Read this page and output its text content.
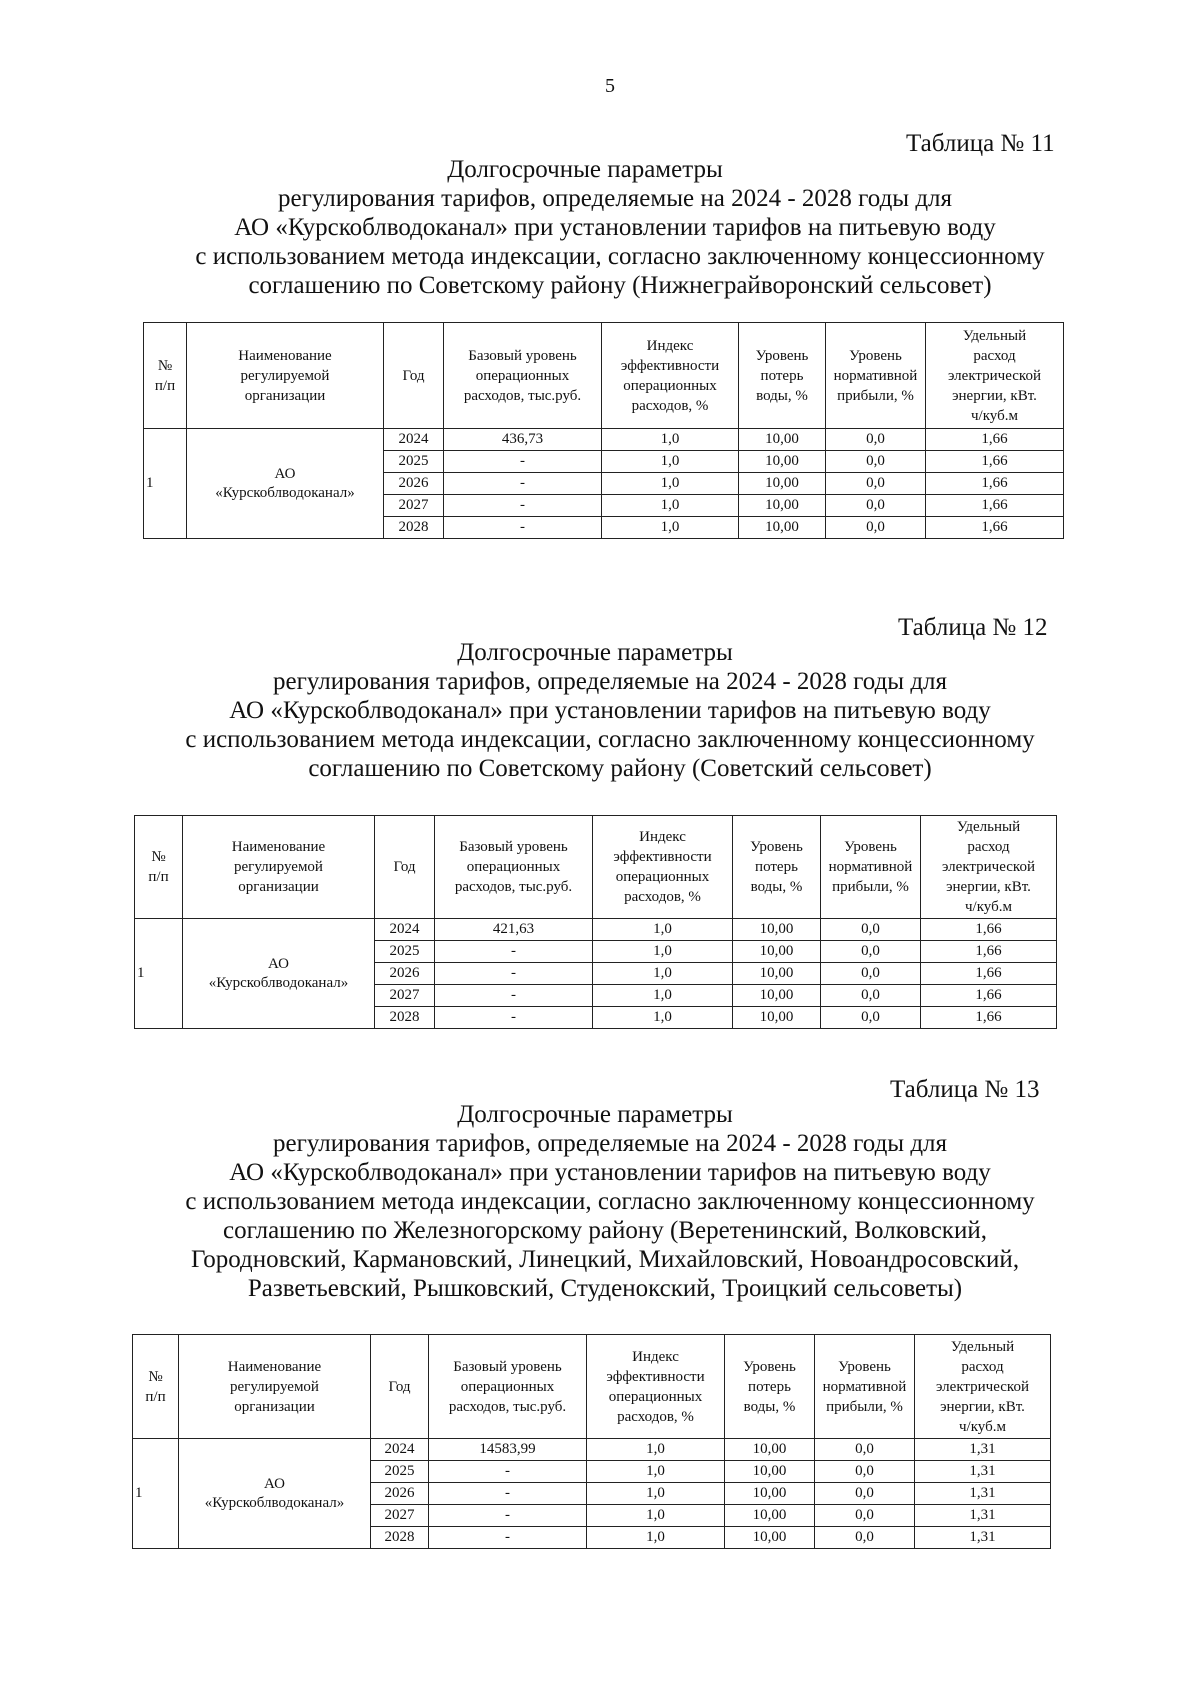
5
Таблица № 11
Долгосрочные параметры
регулирования тарифов, определяемые на 2024 - 2028 годы для
АО «Курскоблводоканал» при установлении тарифов на питьевую воду
с использованием метода индексации, согласно заключенному концессионному
соглашению по Советскому району (Нижнеграйворонский сельсовет)
№
п/п	Наименование
регулируемой
организации	Год	Базовый уровень
операционных
расходов, тыс.руб.	Индекс
эффективности
операционных
расходов, %	Уровень
потерь
воды, %	Уровень
нормативной
прибыли, %	Удельный
расход
электрической
энергии, кВт.
ч/куб.м
1	АО
«Курскоблводоканал»	2024	436,73	1,0	10,00	0,0	1,66
		2025	-	1,0	10,00	0,0	1,66
		2026	-	1,0	10,00	0,0	1,66
		2027	-	1,0	10,00	0,0	1,66
		2028	-	1,0	10,00	0,0	1,66
Таблица № 12
Долгосрочные параметры
регулирования тарифов, определяемые на 2024 - 2028 годы для
АО «Курскоблводоканал» при установлении тарифов на питьевую воду
с использованием метода индексации, согласно заключенному концессионному
соглашению по Советскому району (Советский сельсовет)
№
п/п	Наименование
регулируемой
организации	Год	Базовый уровень
операционных
расходов, тыс.руб.	Индекс
эффективности
операционных
расходов, %	Уровень
потерь
воды, %	Уровень
нормативной
прибыли, %	Удельный
расход
электрической
энергии, кВт.
ч/куб.м
1	АО
«Курскоблводоканал»	2024	421,63	1,0	10,00	0,0	1,66
		2025	-	1,0	10,00	0,0	1,66
		2026	-	1,0	10,00	0,0	1,66
		2027	-	1,0	10,00	0,0	1,66
		2028	-	1,0	10,00	0,0	1,66
Таблица № 13
Долгосрочные параметры
регулирования тарифов, определяемые на 2024 - 2028 годы для
АО «Курскоблводоканал» при установлении тарифов на питьевую воду
с использованием метода индексации, согласно заключенному концессионному
соглашению по Железногорскому району (Веретенинский, Волковский,
Городновский, Кармановский, Линецкий, Михайловский, Новоандросовский,
Разветьевский, Рышковский, Студенокский, Троицкий сельсоветы)
№
п/п	Наименование
регулируемой
организации	Год	Базовый уровень
операционных
расходов, тыс.руб.	Индекс
эффективности
операционных
расходов, %	Уровень
потерь
воды, %	Уровень
нормативной
прибыли, %	Удельный
расход
электрической
энергии, кВт.
ч/куб.м
1	АО
«Курскоблводоканал»	2024	14583,99	1,0	10,00	0,0	1,31
		2025	-	1,0	10,00	0,0	1,31
		2026	-	1,0	10,00	0,0	1,31
		2027	-	1,0	10,00	0,0	1,31
		2028	-	1,0	10,00	0,0	1,31
